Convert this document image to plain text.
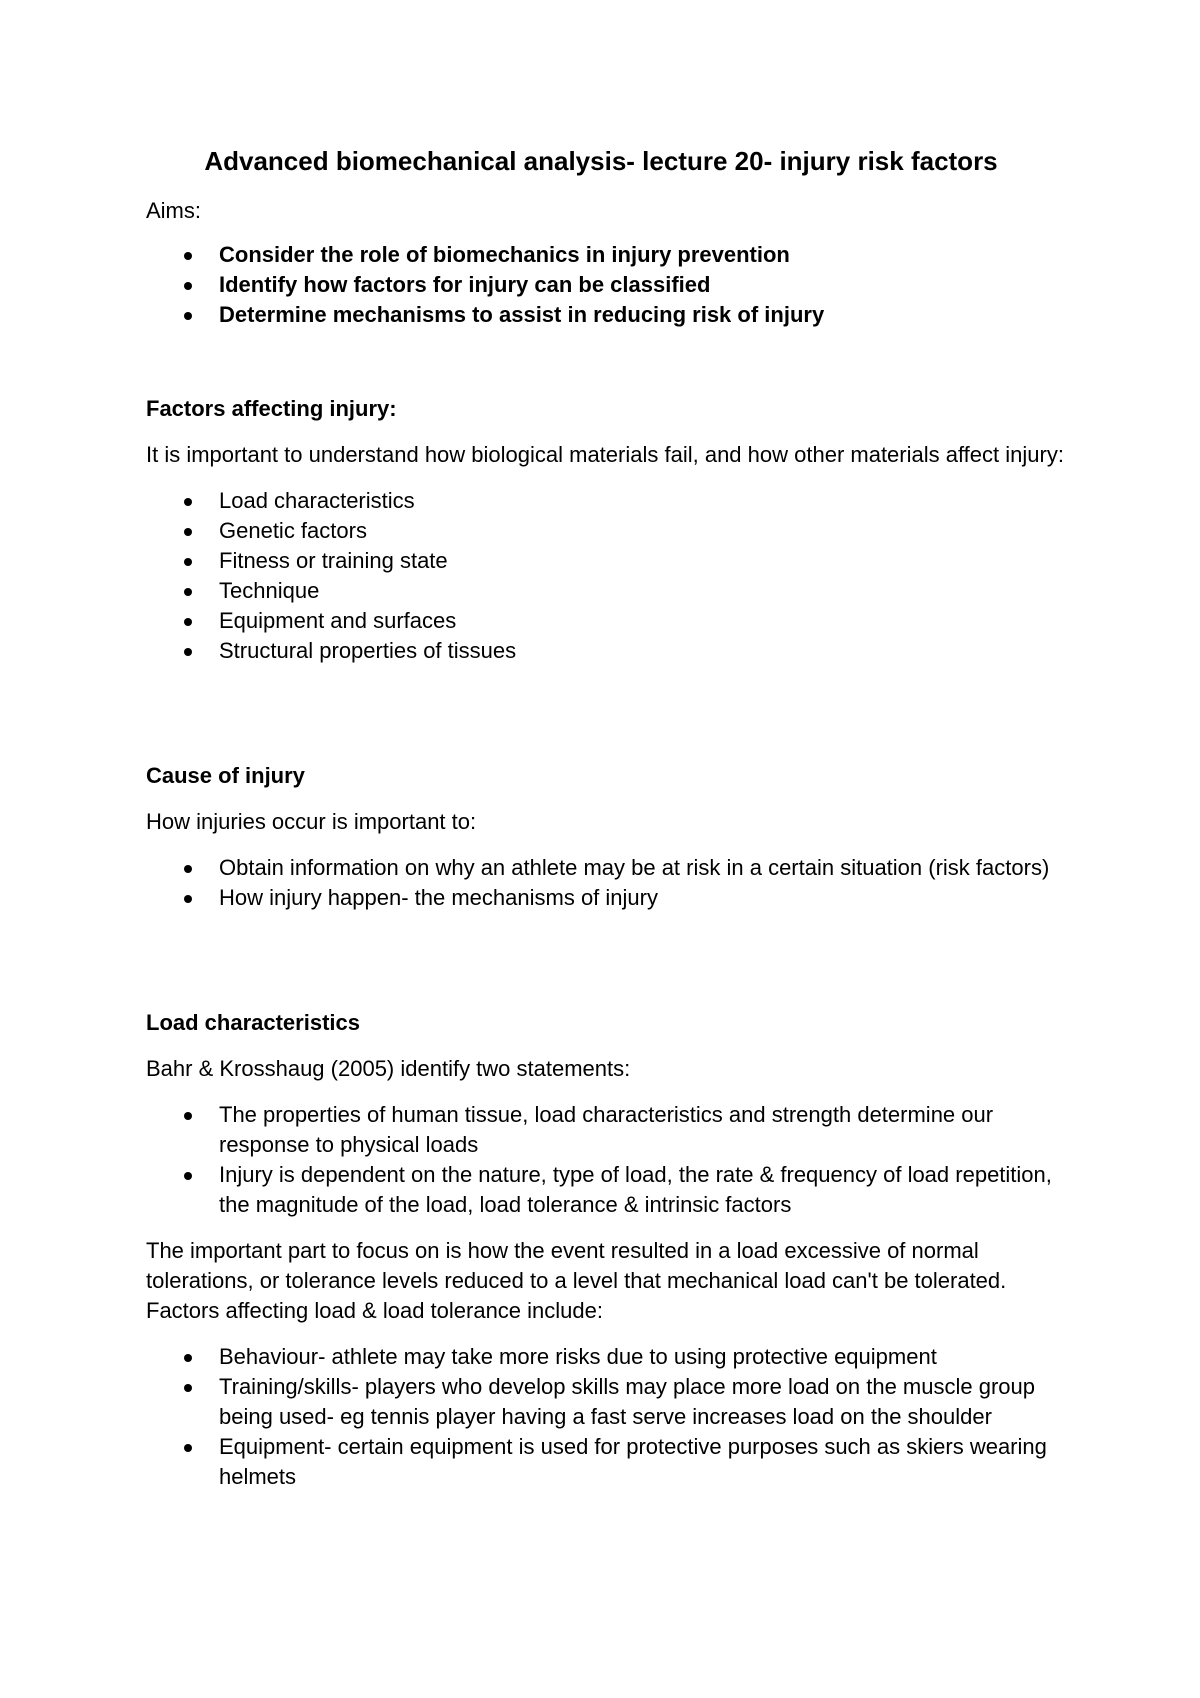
Advanced biomechanical analysis- lecture 20- injury risk factors

Aims:

Consider the role of biomechanics in injury prevention
Identify how factors for injury can be classified
Determine mechanisms to assist in reducing risk of injury

Factors affecting injury:

It is important to understand how biological materials fail, and how other materials affect injury:

Load characteristics
Genetic factors
Fitness or training state
Technique
Equipment and surfaces
Structural properties of tissues

Cause of injury

How injuries occur is important to:

Obtain information on why an athlete may be at risk in a certain situation (risk factors)
How injury happen- the mechanisms of injury

Load characteristics

Bahr & Krosshaug (2005) identify two statements:

The properties of human tissue, load characteristics and strength determine our response to physical loads
Injury is dependent on the nature, type of load, the rate & frequency of load repetition, the magnitude of the load, load tolerance & intrinsic factors

The important part to focus on is how the event resulted in a load excessive of normal tolerations, or tolerance levels reduced to a level that mechanical load can't be tolerated. Factors affecting load & load tolerance include:

Behaviour- athlete may take more risks due to using protective equipment
Training/skills- players who develop skills may place more load on the muscle group being used- eg tennis player having a fast serve increases load on the shoulder
Equipment- certain equipment is used for protective purposes such as skiers wearing helmets
